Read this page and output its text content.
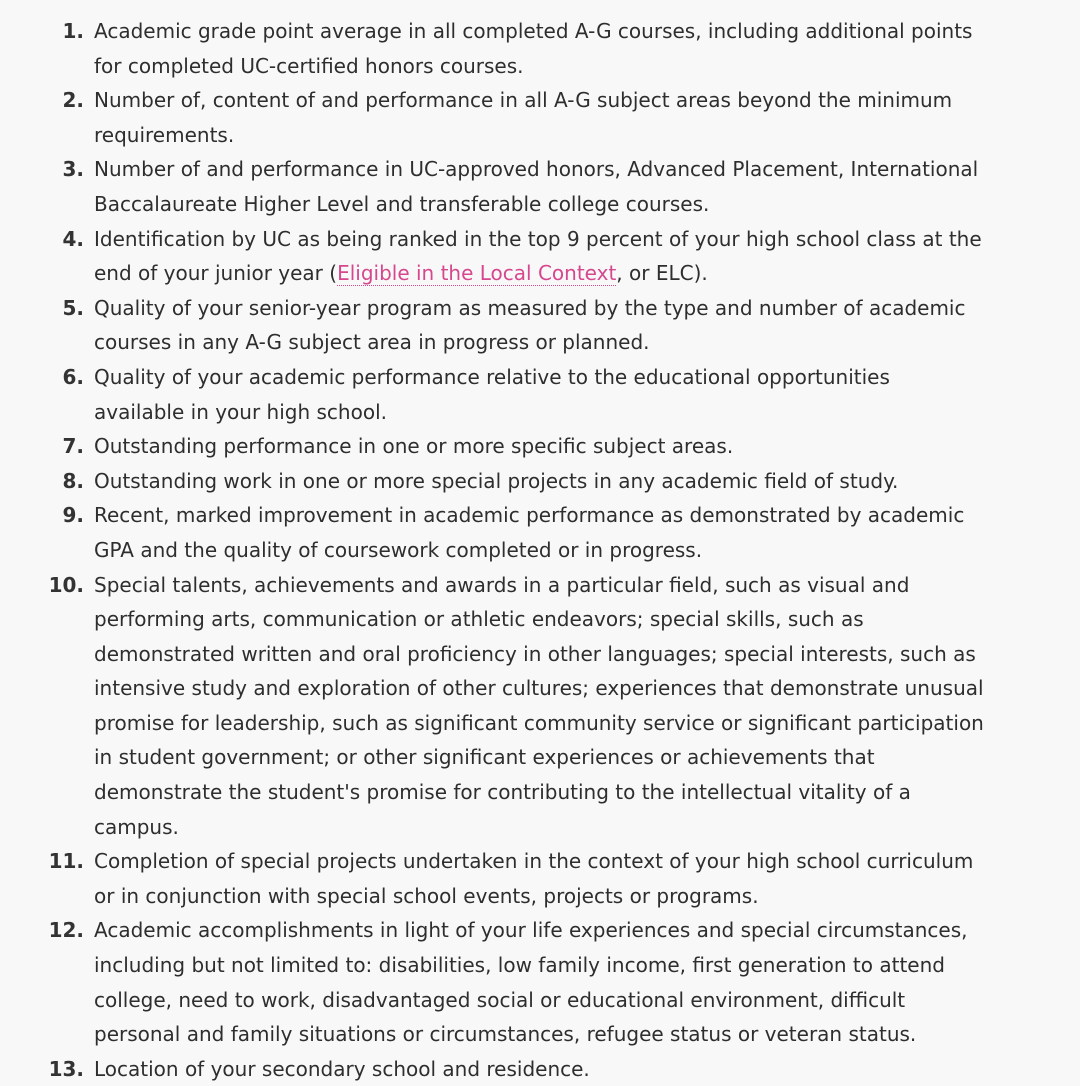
1. Academic grade point average in all completed A-G courses, including additional points for completed UC-certified honors courses.
2. Number of, content of and performance in all A-G subject areas beyond the minimum requirements.
3. Number of and performance in UC-approved honors, Advanced Placement, International Baccalaureate Higher Level and transferable college courses.
4. Identification by UC as being ranked in the top 9 percent of your high school class at the end of your junior year (Eligible in the Local Context, or ELC).
5. Quality of your senior-year program as measured by the type and number of academic courses in any A-G subject area in progress or planned.
6. Quality of your academic performance relative to the educational opportunities available in your high school.
7. Outstanding performance in one or more specific subject areas.
8. Outstanding work in one or more special projects in any academic field of study.
9. Recent, marked improvement in academic performance as demonstrated by academic GPA and the quality of coursework completed or in progress.
10. Special talents, achievements and awards in a particular field, such as visual and performing arts, communication or athletic endeavors; special skills, such as demonstrated written and oral proficiency in other languages; special interests, such as intensive study and exploration of other cultures; experiences that demonstrate unusual promise for leadership, such as significant community service or significant participation in student government; or other significant experiences or achievements that demonstrate the student's promise for contributing to the intellectual vitality of a campus.
11. Completion of special projects undertaken in the context of your high school curriculum or in conjunction with special school events, projects or programs.
12. Academic accomplishments in light of your life experiences and special circumstances, including but not limited to: disabilities, low family income, first generation to attend college, need to work, disadvantaged social or educational environment, difficult personal and family situations or circumstances, refugee status or veteran status.
13. Location of your secondary school and residence.
